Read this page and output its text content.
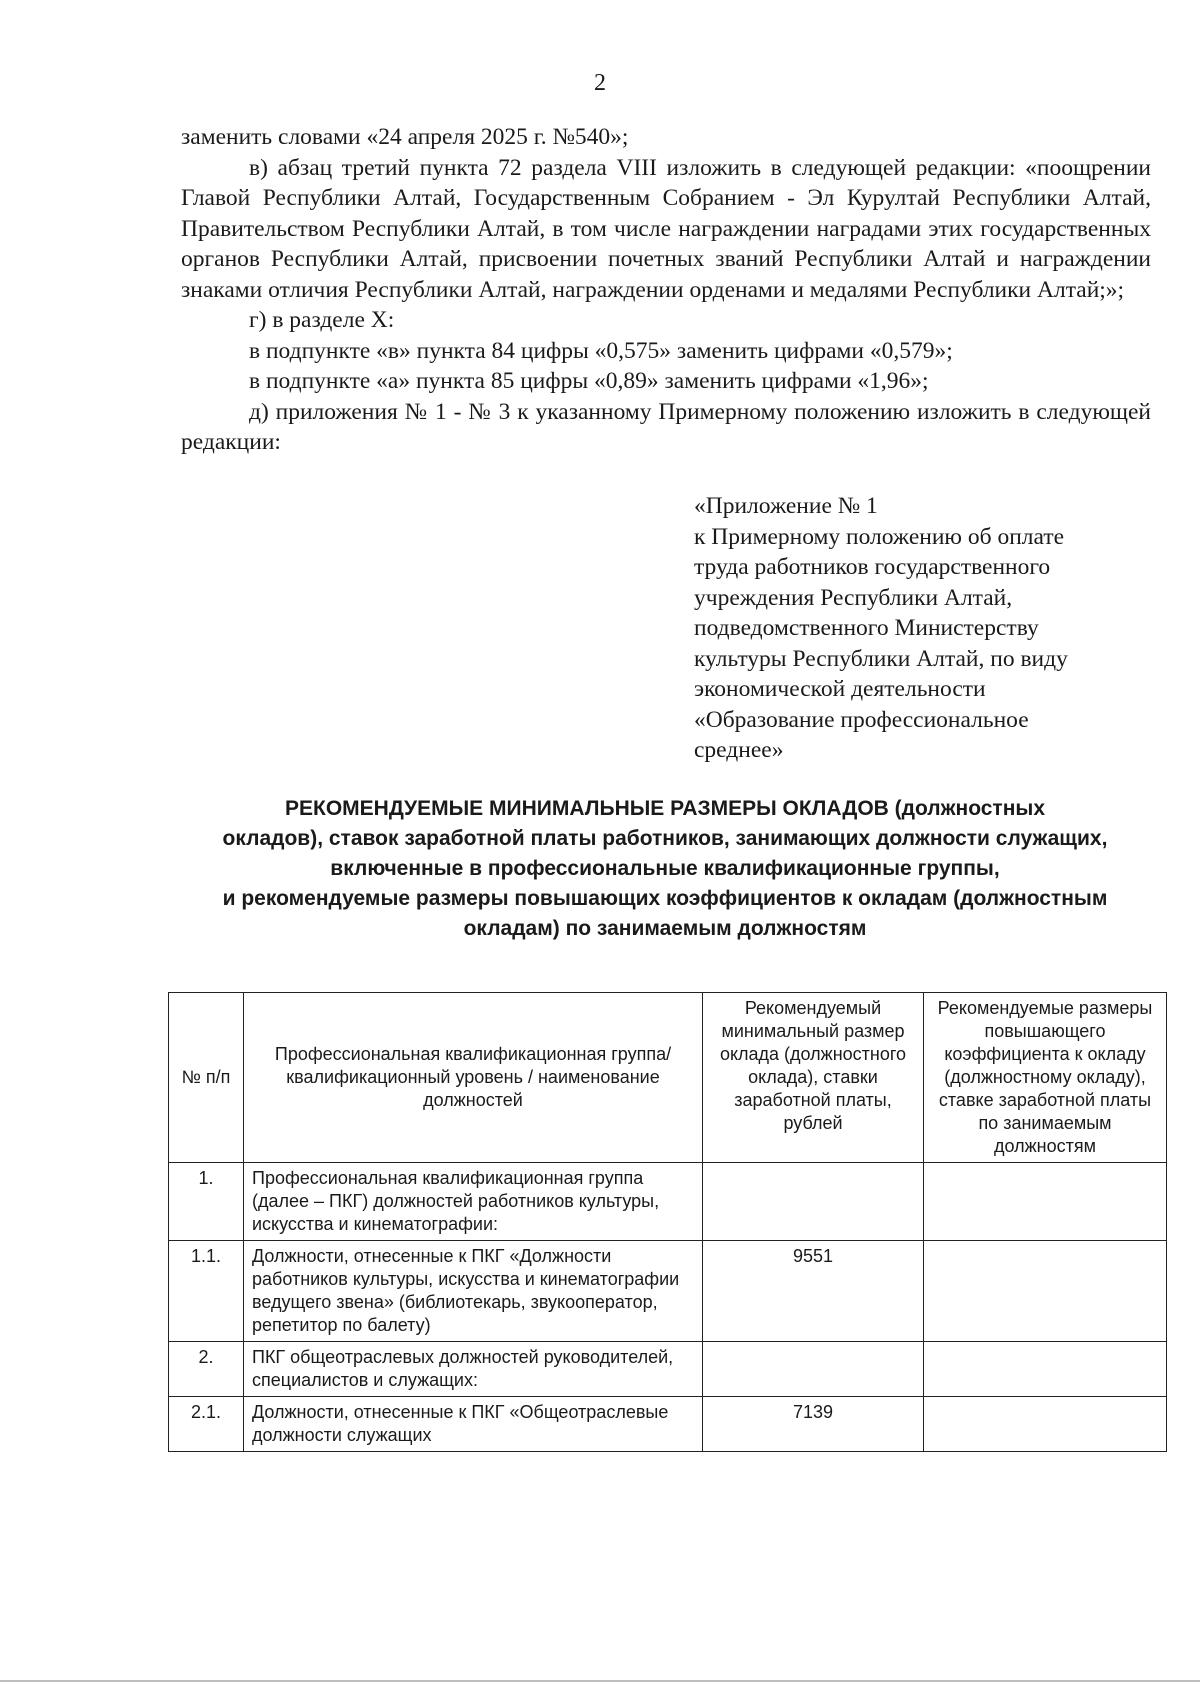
2

заменить словами «24 апреля 2025 г. №540»;

в) абзац третий пункта 72 раздела VIII изложить в следующей редакции: «поощрении Главой Республики Алтай, Государственным Собранием - Эл Курултай Республики Алтай, Правительством Республики Алтай, в том числе награждении наградами этих государственных органов Республики Алтай, присвоении почетных званий Республики Алтай и награждении знаками отличия Республики Алтай, награждении орденами и медалями Республики Алтай;»;

г) в разделе X:

в подпункте «в» пункта 84 цифры «0,575» заменить цифрами «0,579»;

в подпункте «а» пункта 85 цифры «0,89» заменить цифрами «1,96»;

д) приложения № 1 - № 3 к указанному Примерному положению изложить в следующей редакции:

«Приложение № 1
к Примерному положению об оплате
труда работников государственного
учреждения Республики Алтай,
подведомственного Министерству
культуры Республики Алтай, по виду
экономической деятельности
«Образование профессиональное
среднее»
РЕКОМЕНДУЕМЫЕ МИНИМАЛЬНЫЕ РАЗМЕРЫ ОКЛАДОВ (должностных
окладов), ставок заработной платы работников, занимающих должности служащих,
включенные в профессиональные квалификационные группы,
и рекомендуемые размеры повышающих коэффициентов к окладам (должностным
окладам) по занимаемым должностям
№ п/п	Профессиональная квалификационная группа/ квалификационный уровень / наименование должностей	Рекомендуемый минимальный размер оклада (должностного оклада), ставки заработной платы, рублей	Рекомендуемые размеры повышающего коэффициента к окладу (должностному окладу), ставке заработной платы по занимаемым должностям
1.	Профессиональная квалификационная группа (далее – ПКГ) должностей работников культуры, искусства и кинематографии:		
1.1.	Должности, отнесенные к ПКГ «Должности работников культуры, искусства и кинематографии ведущего звена» (библиотекарь, звукооператор, репетитор по балету)	9551	
2.	ПКГ общеотраслевых должностей руководителей, специалистов и служащих:		
2.1.	Должности, отнесенные к ПКГ «Общеотраслевые должности служащих	7139	
